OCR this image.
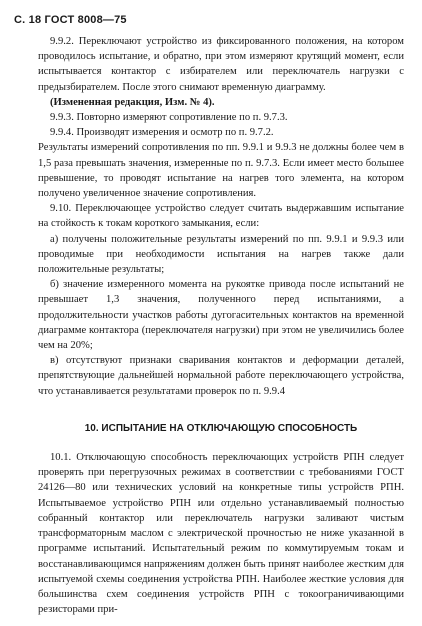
С. 18 ГОСТ 8008—75

9.9.2. Переключают устройство из фиксированного положения, на котором проводилось испытание, и обратно, при этом измеряют крутящий момент, если испытывается контактор с избирателем или переключатель нагрузки с предызбирателем. После этого снимают временную диаграмму.

(Измененная редакция, Изм. № 4).

9.9.3. Повторно измеряют сопротивление по п. 9.7.3.

9.9.4. Производят измерения и осмотр по п. 9.7.2.

Результаты измерений сопротивления по пп. 9.9.1 и 9.9.3 не должны более чем в 1,5 раза превышать значения, измеренные по п. 9.7.3. Если имеет место большее превышение, то проводят испытание на нагрев того элемента, на котором получено увеличенное значение сопротивления.

9.10. Переключающее устройство следует считать выдержавшим испытание на стойкость к токам короткого замыкания, если:

а) получены положительные результаты измерений по пп. 9.9.1 и 9.9.3 или проводимые при необходимости испытания на нагрев также дали положительные результаты;

б) значение измеренного момента на рукоятке привода после испытаний не превышает 1,3 значения, полученного перед испытаниями, а продолжительности участков работы дугогасительных контактов на временной диаграмме контактора (переключателя нагрузки) при этом не увеличились более чем на 20%;

в) отсутствуют признаки сваривания контактов и деформации деталей, препятствующие дальнейшей нормальной работе переключающего устройства, что устанавливается результатами проверок по п. 9.9.4

10. ИСПЫТАНИЕ НА ОТКЛЮЧАЮЩУЮ СПОСОБНОСТЬ

10.1. Отключающую способность переключающих устройств РПН следует проверять при перегрузочных режимах в соответствии с требованиями ГОСТ 24126—80 или технических условий на конкретные типы устройств РПН. Испытываемое устройство РПН или отдельно устанавливаемый полностью собранный контактор или переключатель нагрузки заливают чистым трансформаторным маслом с электрической прочностью не ниже указанной в программе испытаний. Испытательный режим по коммутируемым токам и восстанавливающимся напряжениям должен быть принят наиболее жестким для испытуемой схемы соединения устройства РПН. Наиболее жесткие условия для большинства схем соединения устройств РПН с токоограничивающими резисторами при-
